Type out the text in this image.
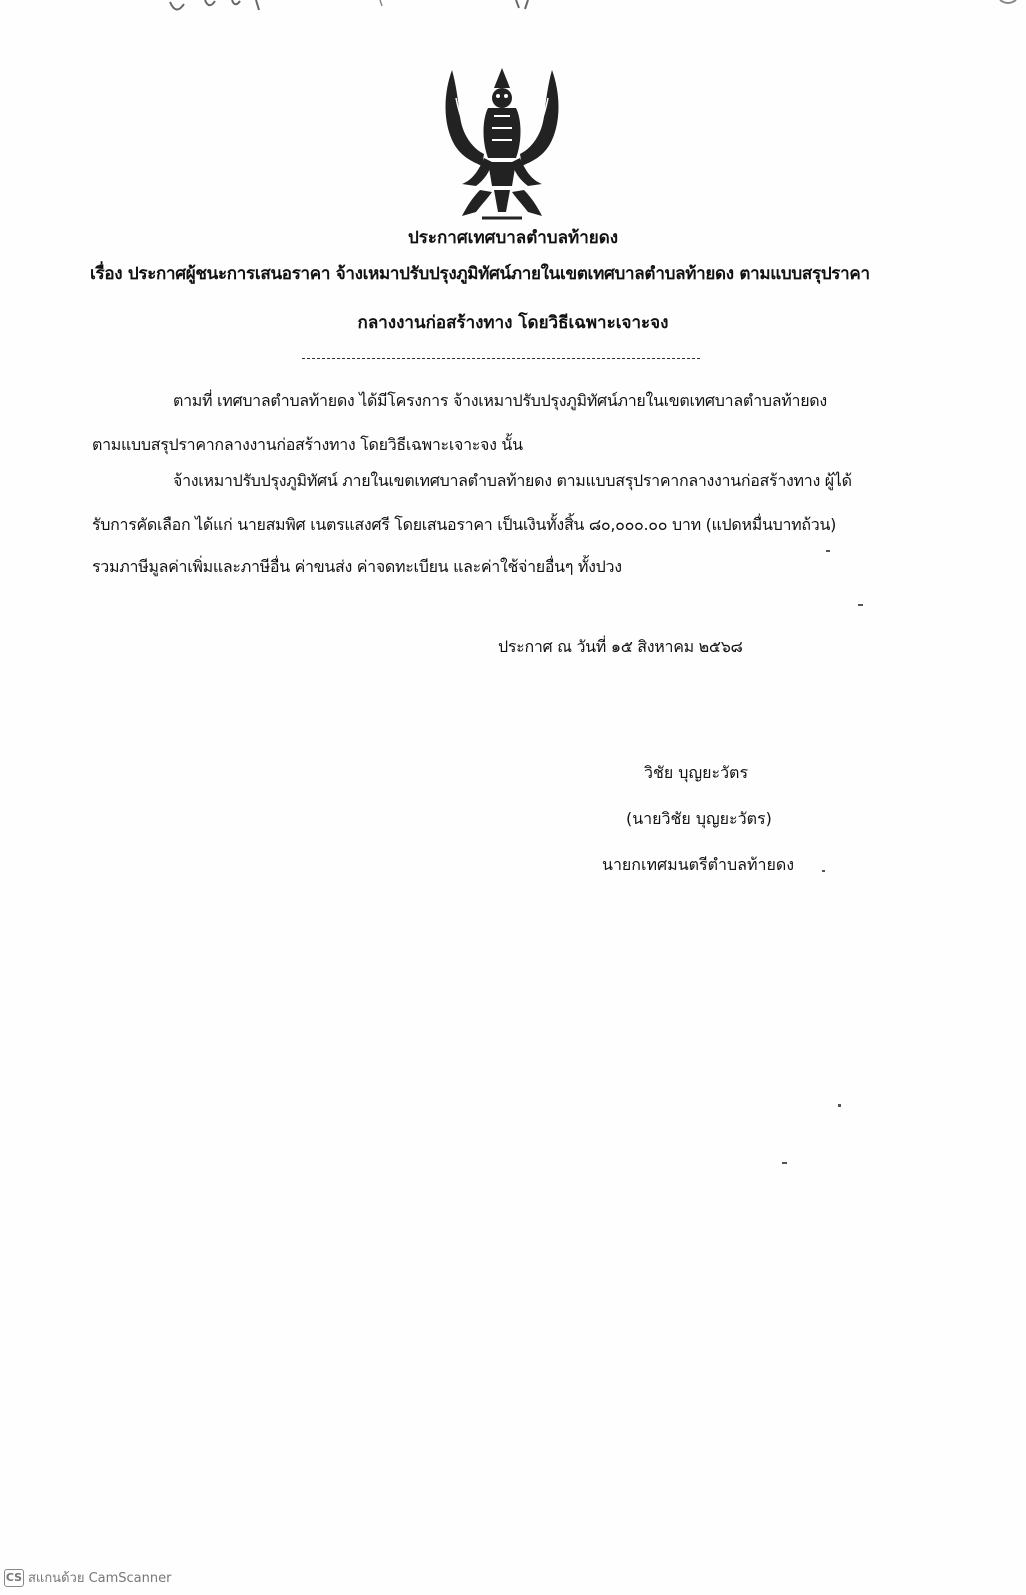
ประกาศเทศบาลตำบลท้ายดง
เรื่อง ประกาศผู้ชนะการเสนอราคา จ้างเหมาปรับปรุงภูมิทัศน์ภายในเขตเทศบาลตำบลท้ายดง ตามแบบสรุปราคา
กลางงานก่อสร้างทาง โดยวิธีเฉพาะเจาะจง
ตามที่ เทศบาลตำบลท้ายดง ได้มีโครงการ จ้างเหมาปรับปรุงภูมิทัศน์ภายในเขตเทศบาลตำบลท้ายดง
ตามแบบสรุปราคากลางงานก่อสร้างทาง โดยวิธีเฉพาะเจาะจง นั้น
จ้างเหมาปรับปรุงภูมิทัศน์ ภายในเขตเทศบาลตำบลท้ายดง ตามแบบสรุปราคากลางงานก่อสร้างทาง ผู้ได้
รับการคัดเลือก ได้แก่ นายสมพิศ เนตรแสงศรี โดยเสนอราคา เป็นเงินทั้งสิ้น ๘๐,๐๐๐.๐๐ บาท (แปดหมื่นบาทถ้วน)
รวมภาษีมูลค่าเพิ่มและภาษีอื่น ค่าขนส่ง ค่าจดทะเบียน และค่าใช้จ่ายอื่นๆ ทั้งปวง
ประกาศ ณ วันที่ ๑๕ สิงหาคม ๒๕๖๘
วิชัย บุญยะวัตร
(นายวิชัย บุญยะวัตร)
นายกเทศมนตรีตำบลท้ายดง
CS สแกนด้วย CamScanner
